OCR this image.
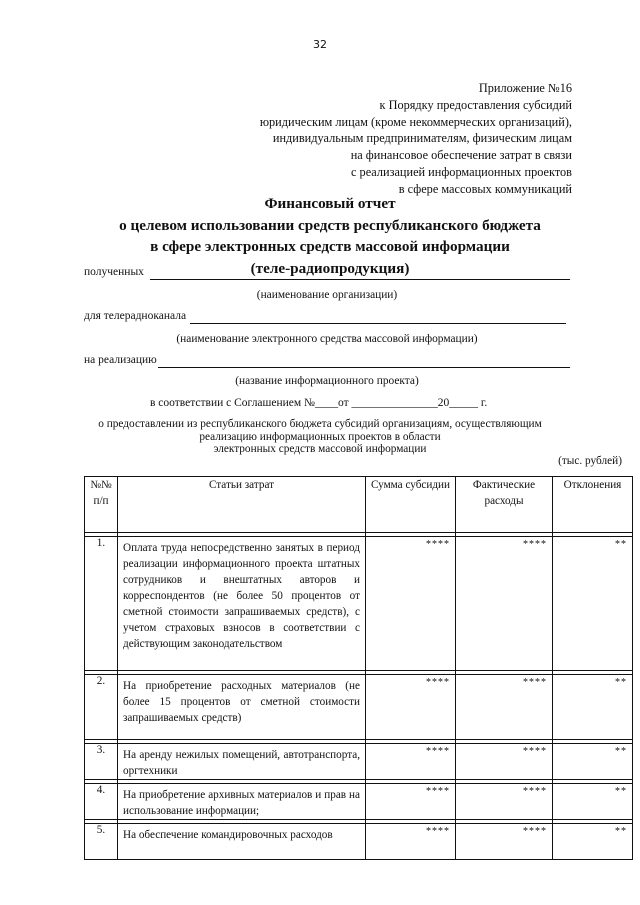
32
Приложение №16
к Порядку предоставления субсидий
юридическим лицам (кроме некоммерческих организаций),
индивидуальным предпринимателям, физическим лицам
на финансовое обеспечение затрат в связи
с реализацией информационных проектов
в сфере массовых коммуникаций
Финансовый отчет
о целевом использовании средств республиканского бюджета
в сфере электронных средств массовой информации
(теле-радиопродукция)
полученных
(наименование организации)
для телерадноканала
(наименование электронного средства массовой информации)
на реализацию
(название информационного проекта)
в соответствии с Соглашением №____от _______________20_____ г.
о предоставлении из республиканского бюджета субсидий организациям, осуществляющим
реализацию информационных проектов в области
электронных средств массовой информации
(тыс. рублей)
№№ п/п	Статьи затрат	Сумма субсидии	Фактические расходы	Отклонения

1.	Оплата труда непосредственно занятых в период реализации информационного проекта штатных сотрудников и внештатных авторов и корреспондентов (не более 50 процентов от сметной стоимости запрашиваемых средств), с учетом страховых взносов в соответствии с действующим законодательством	****	****	**

2.	На приобретение расходных материалов (не более 15 процентов от сметной стоимости запрашиваемых средств)	****	****	**

3.	На аренду нежилых помещений, автотранспорта, оргтехники	****	****	**

4.	На приобретение архивных материалов и прав на использование информации;	****	****	**

5.	На обеспечение командировочных расходов	****	****	**
